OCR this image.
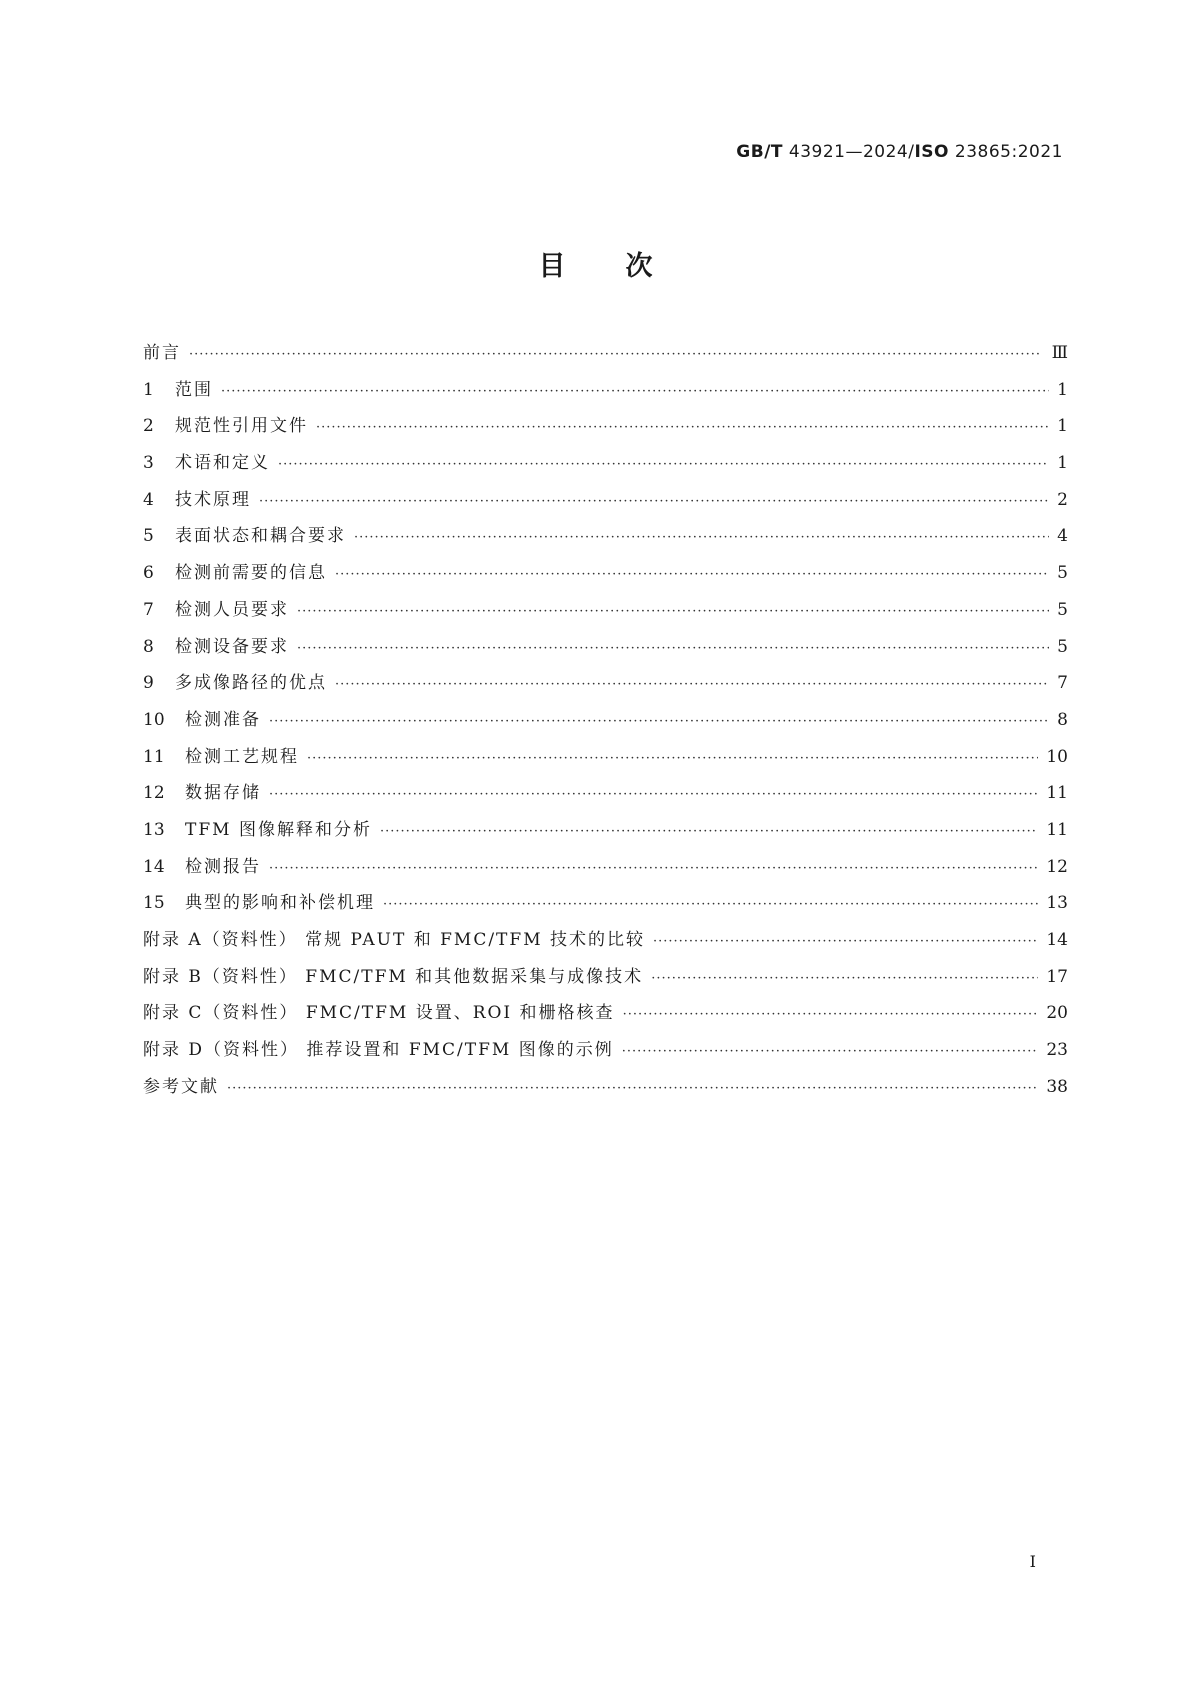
GB/T 43921—2024/ISO 23865:2021
目次
前言 ·····	Ⅲ
1	范围 ·····	1
2	规范性引用文件 ·····	1
3	术语和定义 ·····	1
4	技术原理 ·····	2
5	表面状态和耦合要求 ·····	4
6	检测前需要的信息 ·····	5
7	检测人员要求 ·····	5
8	检测设备要求 ·····	5
9	多成像路径的优点 ·····	7
10	检测准备 ·····	8
11	检测工艺规程 ·····	10
12	数据存储 ·····	11
13	TFM 图像解释和分析 ·····	11
14	检测报告 ·····	12
15	典型的影响和补偿机理 ·····	13
附录 A（资料性） 常规 PAUT 和 FMC/TFM 技术的比较 ·····	14
附录 B（资料性） FMC/TFM 和其他数据采集与成像技术 ·····	17
附录 C（资料性） FMC/TFM 设置、ROI 和栅格核查 ·····	20
附录 D（资料性） 推荐设置和 FMC/TFM 图像的示例 ·····	23
参考文献 ·····	38
I
